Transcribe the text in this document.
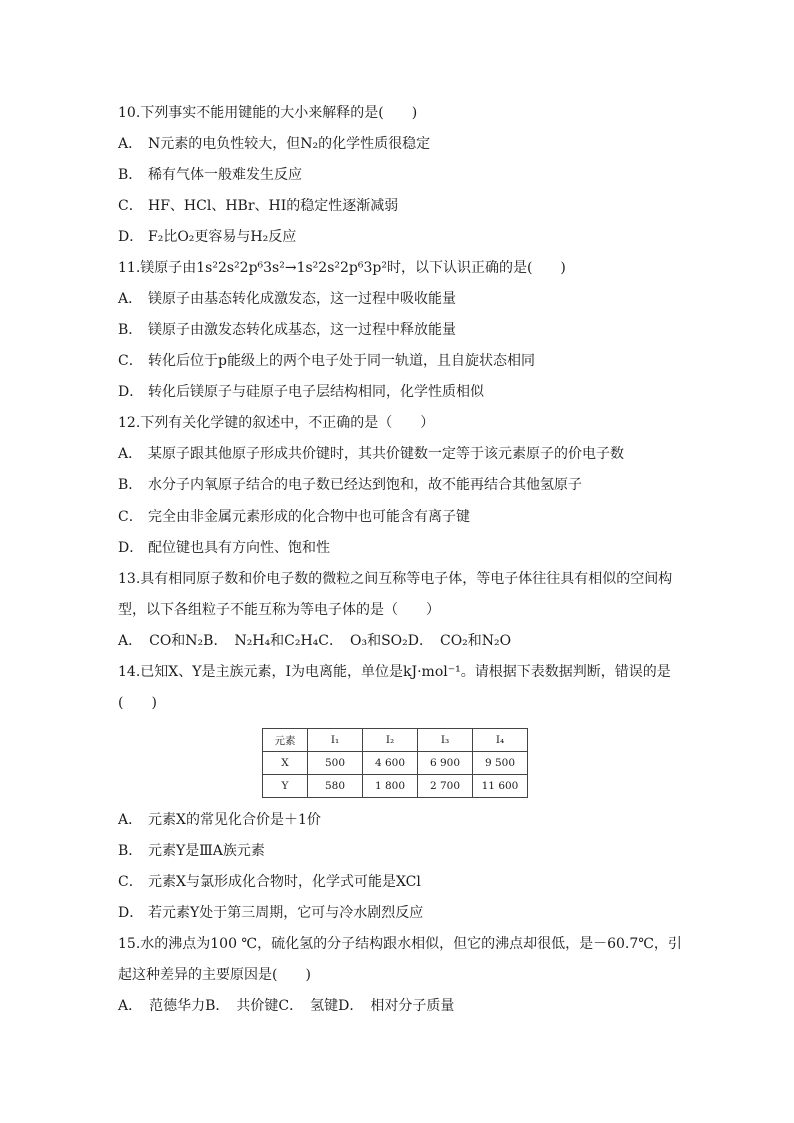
10.下列事实不能用键能的大小来解释的是(　　)
A． N元素的电负性较大，但N₂的化学性质很稳定
B． 稀有气体一般难发生反应
C． HF、HCl、HBr、HI的稳定性逐渐减弱
D． F₂比O₂更容易与H₂反应
11.镁原子由1s²2s²2p⁶3s²→1s²2s²2p⁶3p²时，以下认识正确的是(　　)
A． 镁原子由基态转化成激发态，这一过程中吸收能量
B． 镁原子由激发态转化成基态，这一过程中释放能量
C． 转化后位于p能级上的两个电子处于同一轨道，且自旋状态相同
D． 转化后镁原子与硅原子电子层结构相同，化学性质相似
12.下列有关化学键的叙述中，不正确的是（　　）
A． 某原子跟其他原子形成共价键时，其共价键数一定等于该元素原子的价电子数
B． 水分子内氧原子结合的电子数已经达到饱和，故不能再结合其他氢原子
C． 完全由非金属元素形成的化合物中也可能含有离子键
D． 配位键也具有方向性、饱和性
13.具有相同原子数和价电子数的微粒之间互称等电子体，等电子体往往具有相似的空间构
型，以下各组粒子不能互称为等电子体的是（　　）
A．　CO和N₂B．　N₂H₄和C₂H₄C．　O₃和SO₂D．　CO₂和N₂O
14.已知X、Y是主族元素，I为电离能，单位是kJ·mol⁻¹。请根据下表数据判断，错误的是
(　　)
元素	I₁	I₂	I₃	I₄
X	500	4 600	6 900	9 500
Y	580	1 800	2 700	11 600
A． 元素X的常见化合价是＋1价
B． 元素Y是ⅢA族元素
C． 元素X与氯形成化合物时，化学式可能是XCl
D． 若元素Y处于第三周期，它可与冷水剧烈反应
15.水的沸点为100 ℃，硫化氢的分子结构跟水相似，但它的沸点却很低，是－60.7℃，引
起这种差异的主要原因是(　　)
A．　范德华力B．　共价键C．　氢键D．　相对分子质量
